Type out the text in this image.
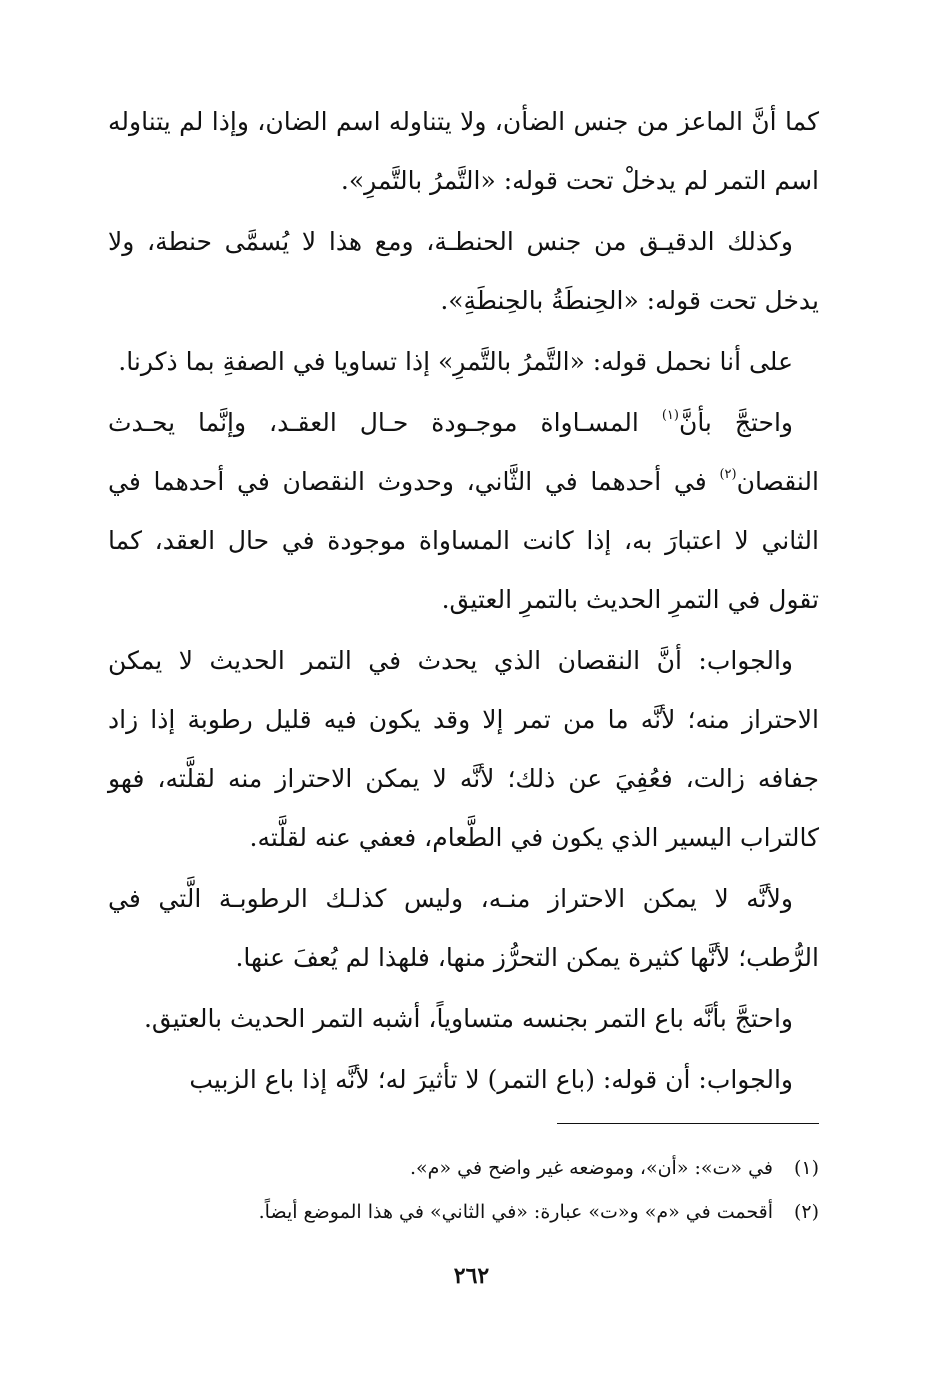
كما أنَّ الماعز من جنس الضأن، ولا يتناوله اسم الضان، وإذا لم يتناوله اسم التمر لم يدخلْ تحت قوله: «التَّمرُ بالتَّمرِ».

وكذلك الدقيـق من جنس الحنطـة، ومع هذا لا يُسمَّى حنطة، ولا يدخل تحت قوله: «الحِنطَةُ بالحِنطَةِ».

على أنا نحمل قوله: «التَّمرُ بالتَّمرِ» إذا تساويا في الصفةِ بما ذكرنا.

واحتجَّ بأنَّ$^{(١)}$ المسـاواة موجـودة حـال العقـد، وإنَّما يحـدث النقصان$^{(٢)}$ في أحدهما في الثَّاني، وحدوث النقصان في أحدهما في الثاني لا اعتبارَ به، إذا كانت المساواة موجودة في حال العقد، كما تقول في التمرِ الحديث بالتمرِ العتيق.

والجواب: أنَّ النقصان الذي يحدث في التمر الحديث لا يمكن الاحتراز منه؛ لأنَّه ما من تمر إلا وقد يكون فيه قليل رطوبة إذا زاد جفافه زالت، فعُفِيَ عن ذلك؛ لأنَّه لا يمكن الاحتراز منه لقلَّته، فهو كالتراب اليسير الذي يكون في الطَّعام، فعفي عنه لقلَّته.

ولأنَّه لا يمكن الاحتراز منـه، وليس كذلـك الرطوبـة الَّتي في الرُّطب؛ لأنَّها كثيرة يمكن التحرُّز منها، فلهذا لم يُعفَ عنها.

واحتجَّ بأنَّه باع التمر بجنسه متساوياً، أشبه التمر الحديث بالعتيق.

والجواب: أن قوله: (باع التمر) لا تأثيرَ له؛ لأنَّه إذا باع الزبيب

(١)في «ت»: «أن»، وموضعه غير واضح في «م».

(٢)أقحمت في «م» و«ت» عبارة: «في الثاني» في هذا الموضع أيضاً.

٢٦٢
